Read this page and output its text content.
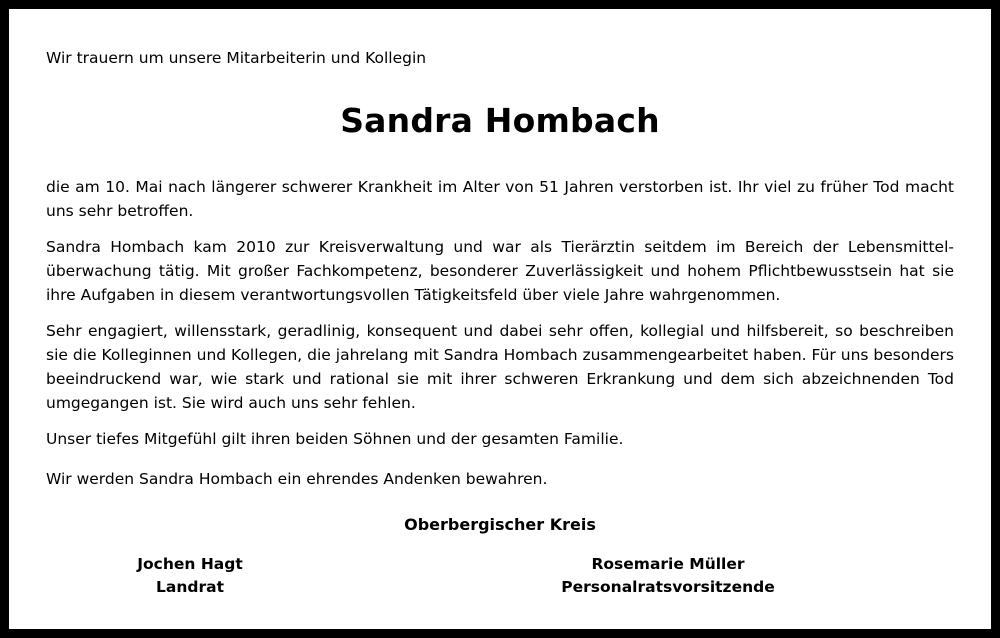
Wir trauern um unsere Mitarbeiterin und Kollegin
Sandra Hombach

die am 10. Mai nach längerer schwerer Krankheit im Alter von 51 Jahren verstorben ist. Ihr viel zu früher Tod macht uns sehr betroffen.

Sandra Hombach kam 2010 zur Kreisverwaltung und war als Tierärztin seitdem im Bereich der Lebensmittelüberwachung tätig. Mit großer Fachkompetenz, besonderer Zuverlässigkeit und hohem Pflichtbewusstsein hat sie ihre Aufgaben in diesem verantwortungsvollen Tätigkeitsfeld über viele Jahre wahrgenommen.

Sehr engagiert, willensstark, geradlinig, konsequent und dabei sehr offen, kollegial und hilfsbereit, so beschreiben sie die Kolleginnen und Kollegen, die jahrelang mit Sandra Hombach zusammengearbeitet haben. Für uns besonders beeindruckend war, wie stark und rational sie mit ihrer schweren Erkrankung und dem sich abzeichnenden Tod umgegangen ist. Sie wird auch uns sehr fehlen.

Unser tiefes Mitgefühl gilt ihren beiden Söhnen und der gesamten Familie.

Wir werden Sandra Hombach ein ehrendes Andenken bewahren.

Oberbergischer Kreis
Jochen Hagt
Landrat
Rosemarie Müller
Personalratsvorsitzende
